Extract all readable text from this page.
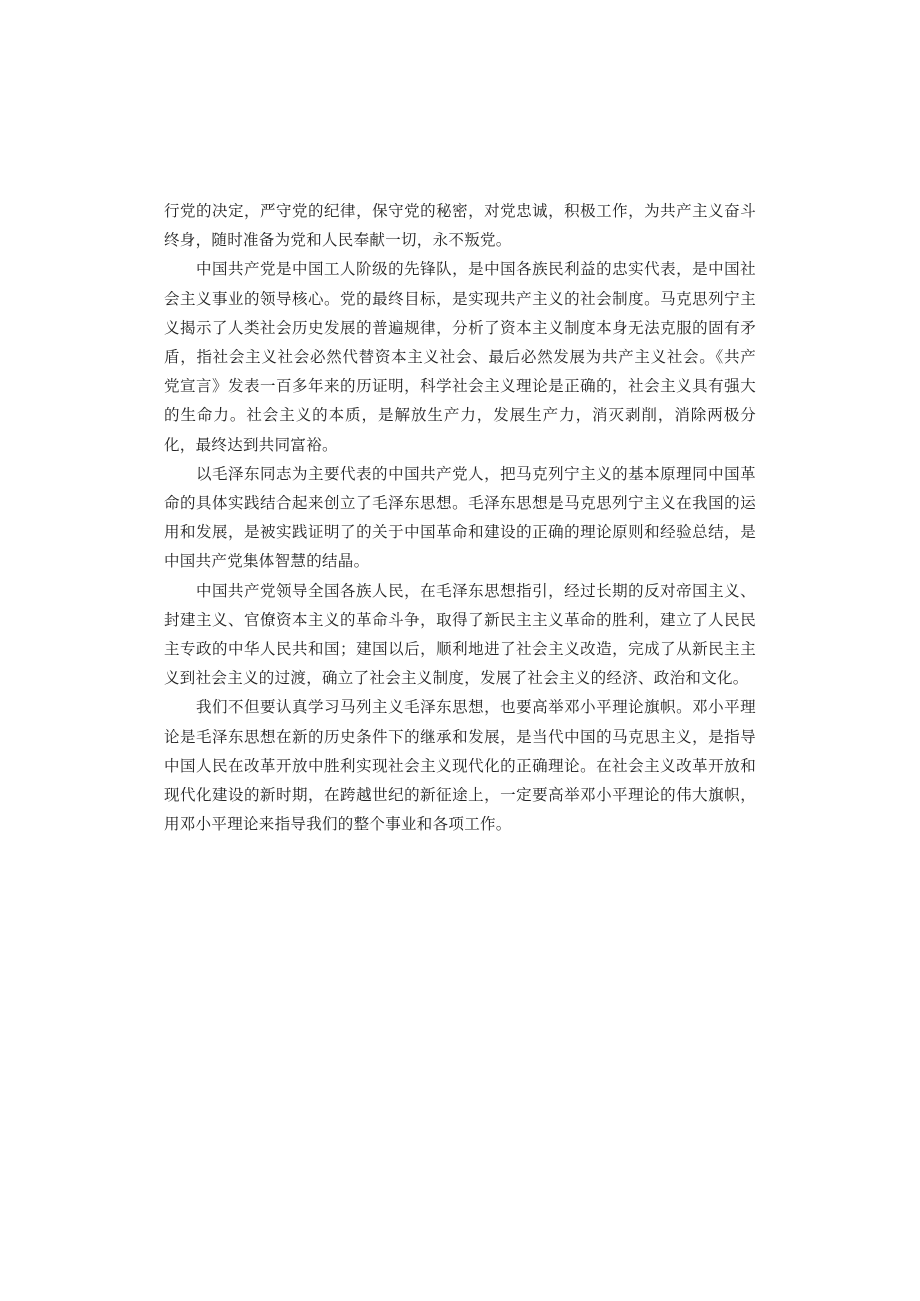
行党的决定，严守党的纪律，保守党的秘密，对党忠诚，积极工作，为共产主义奋斗终身，随时准备为党和人民奉献一切，永不叛党。

中国共产党是中国工人阶级的先锋队，是中国各族民利益的忠实代表，是中国社会主义事业的领导核心。党的最终目标，是实现共产主义的社会制度。马克思列宁主义揭示了人类社会历史发展的普遍规律，分析了资本主义制度本身无法克服的固有矛盾，指社会主义社会必然代替资本主义社会、最后必然发展为共产主义社会。《共产党宣言》发表一百多年来的历证明，科学社会主义理论是正确的，社会主义具有强大的生命力。社会主义的本质，是解放生产力，发展生产力，消灭剥削，消除两极分化，最终达到共同富裕。

以毛泽东同志为主要代表的中国共产党人，把马克列宁主义的基本原理同中国革命的具体实践结合起来创立了毛泽东思想。毛泽东思想是马克思列宁主义在我国的运用和发展，是被实践证明了的关于中国革命和建设的正确的理论原则和经验总结，是中国共产党集体智慧的结晶。

中国共产党领导全国各族人民，在毛泽东思想指引，经过长期的反对帝国主义、封建主义、官僚资本主义的革命斗争，取得了新民主主义革命的胜利，建立了人民民主专政的中华人民共和国；建国以后，顺利地进了社会主义改造，完成了从新民主主义到社会主义的过渡，确立了社会主义制度，发展了社会主义的经济、政治和文化。

我们不但要认真学习马列主义毛泽东思想，也要高举邓小平理论旗帜。邓小平理论是毛泽东思想在新的历史条件下的继承和发展，是当代中国的马克思主义，是指导中国人民在改革开放中胜利实现社会主义现代化的正确理论。在社会主义改革开放和现代化建设的新时期，在跨越世纪的新征途上，一定要高举邓小平理论的伟大旗帜，用邓小平理论来指导我们的整个事业和各项工作。
